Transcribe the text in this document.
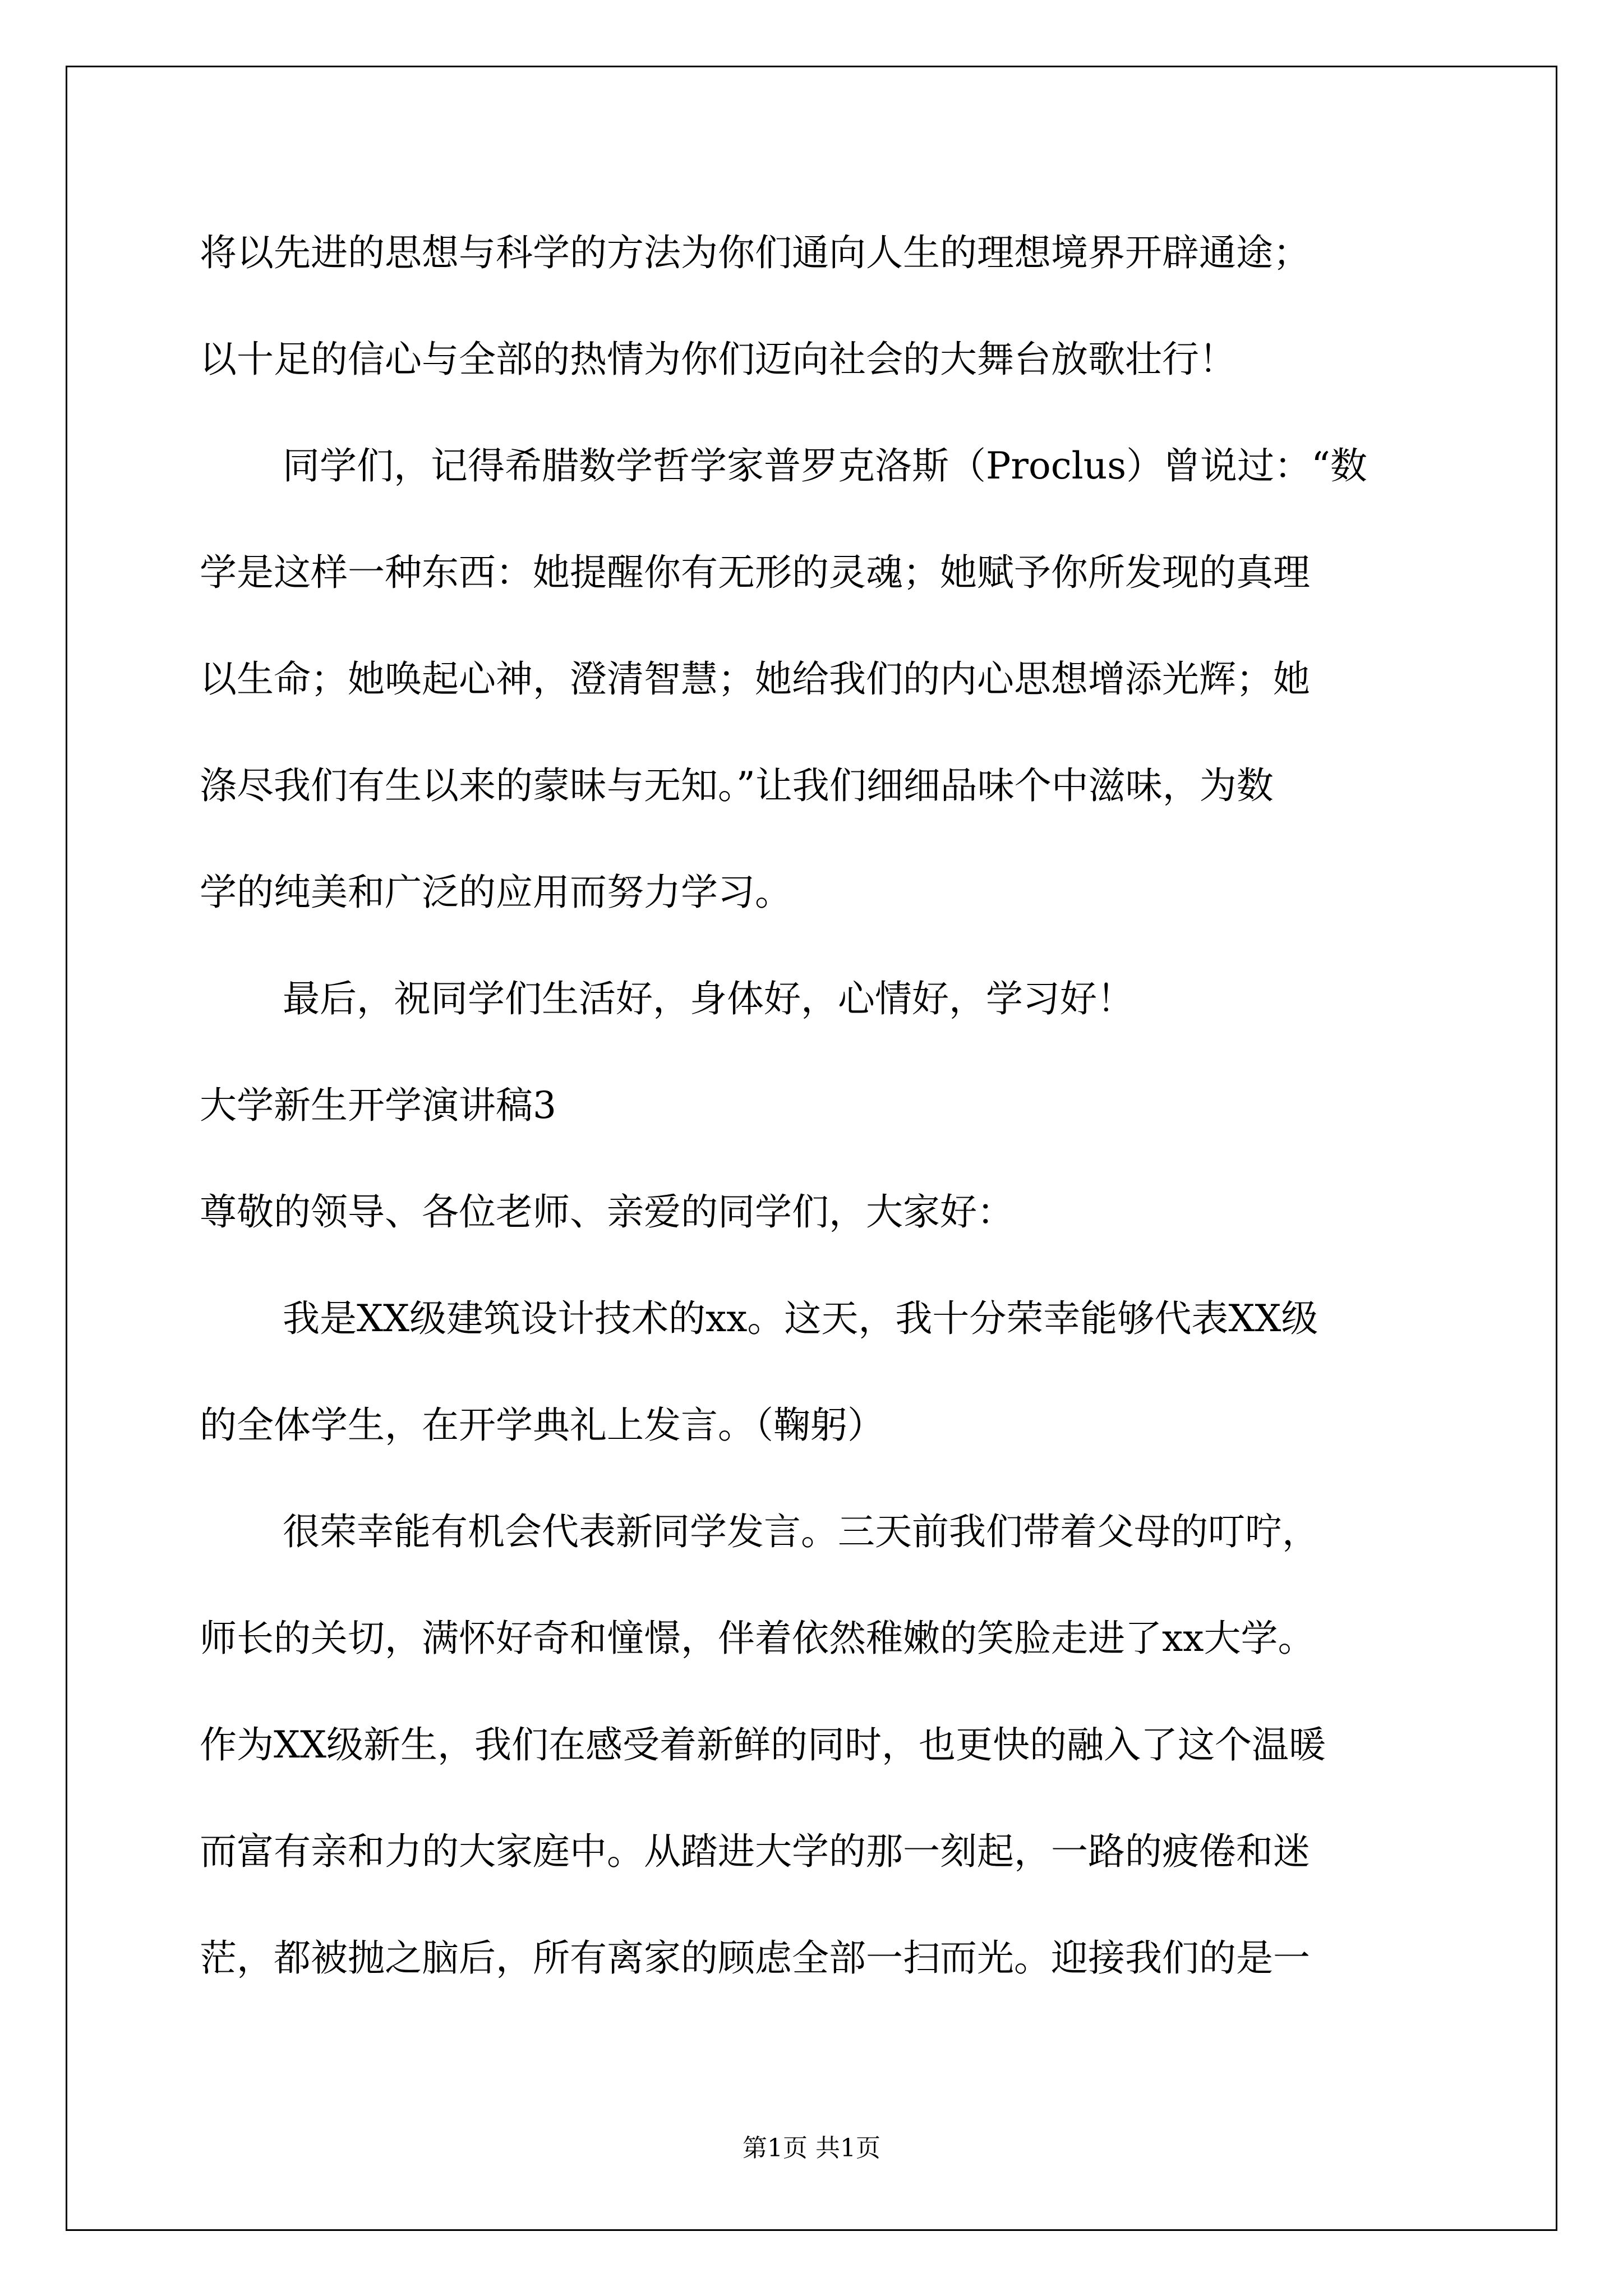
将以先进的思想与科学的方法为你们通向人生的理想境界开辟通途；
以十足的信心与全部的热情为你们迈向社会的大舞台放歌壮行！
同学们，记得希腊数学哲学家普罗克洛斯（Proclus）曾说过：“数
学是这样一种东西：她提醒你有无形的灵魂；她赋予你所发现的真理
以生命；她唤起心神，澄清智慧；她给我们的内心思想增添光辉；她
涤尽我们有生以来的蒙昧与无知。”让我们细细品味个中滋味，为数
学的纯美和广泛的应用而努力学习。
最后，祝同学们生活好，身体好，心情好，学习好！
大学新生开学演讲稿3
尊敬的领导、各位老师、亲爱的同学们，大家好：
我是XX级建筑设计技术的xx。这天，我十分荣幸能够代表XX级
的全体学生，在开学典礼上发言。（鞠躬）
很荣幸能有机会代表新同学发言。三天前我们带着父母的叮咛，
师长的关切，满怀好奇和憧憬，伴着依然稚嫩的笑脸走进了xx大学。
作为XX级新生，我们在感受着新鲜的同时，也更快的融入了这个温暖
而富有亲和力的大家庭中。从踏进大学的那一刻起，一路的疲倦和迷
茫，都被抛之脑后，所有离家的顾虑全部一扫而光。迎接我们的是一
第1页 共1页
